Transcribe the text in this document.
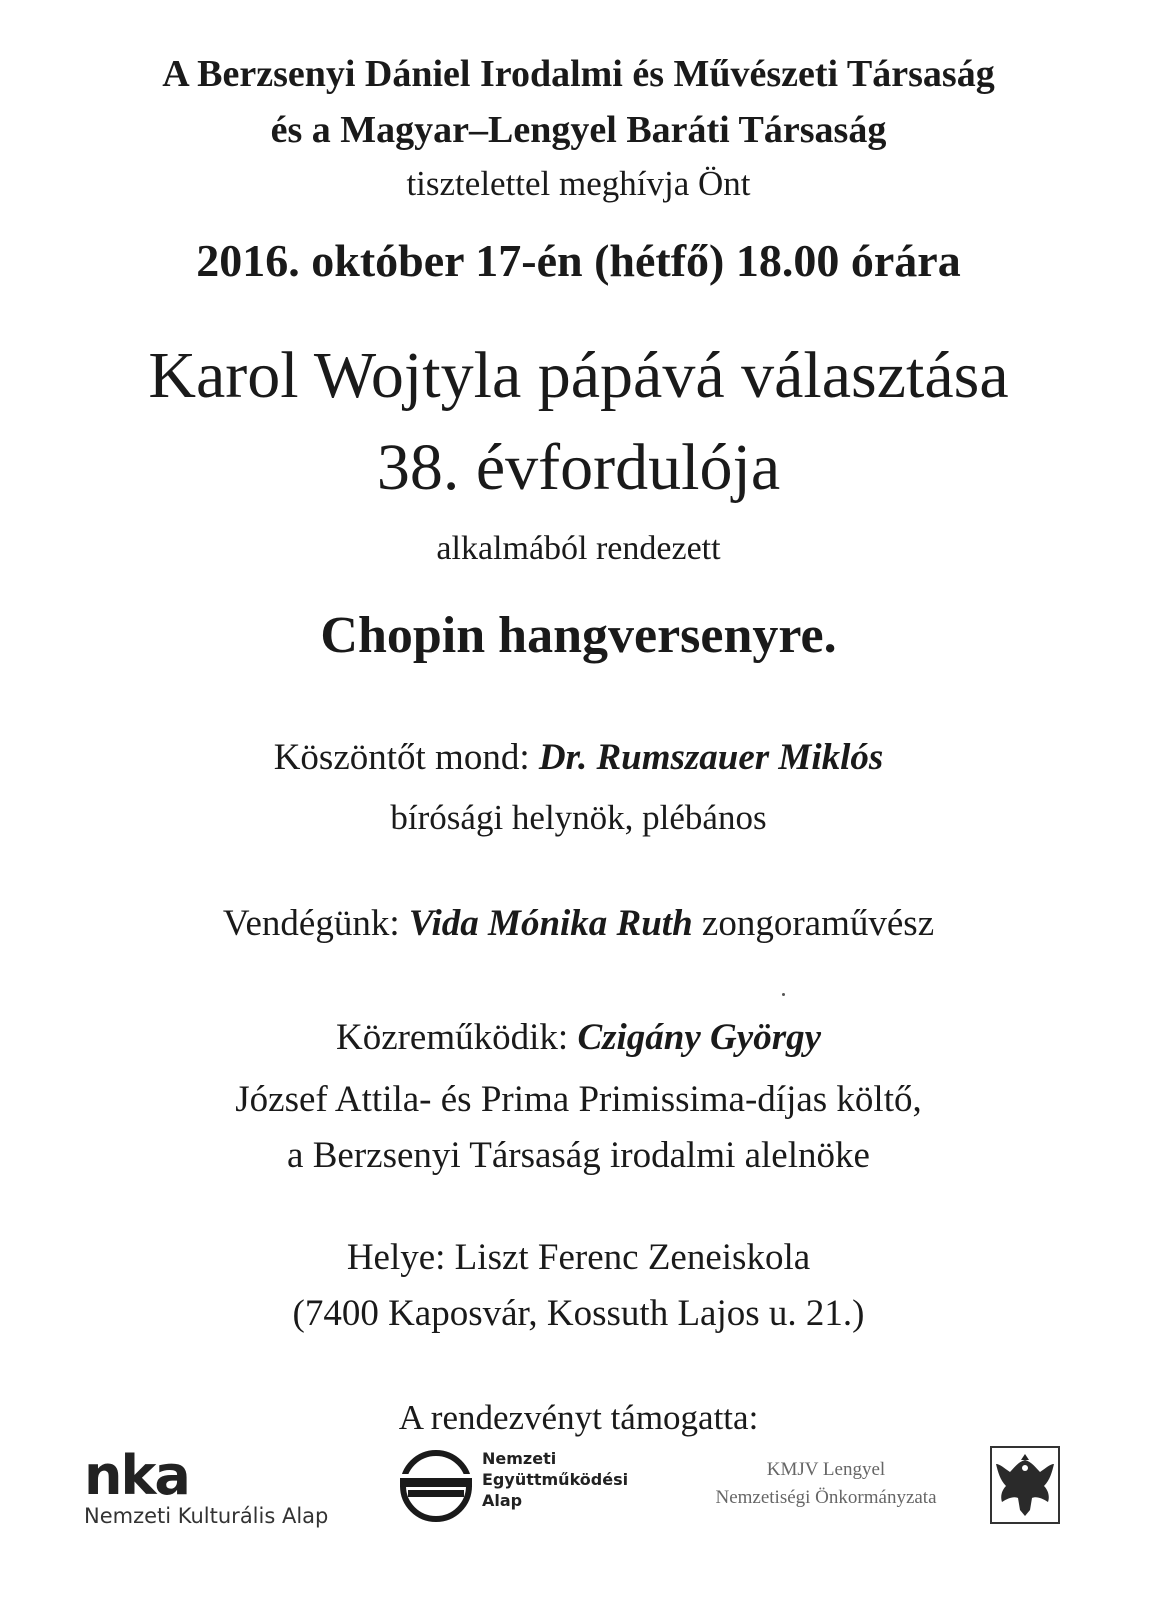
A Berzsenyi Dániel Irodalmi és Művészeti Társaság
és a Magyar–Lengyel Baráti Társaság
tisztelettel meghívja Önt
2016. október 17-én (hétfő) 18.00 órára
Karol Wojtyla pápává választása
38. évfordulója
alkalmából rendezett
Chopin hangversenyre.
Köszöntőt mond: Dr. Rumszauer Miklós
bírósági helynök, plébános
Vendégünk: Vida Mónika Ruth zongoraművész
Közreműködik: Czigány György
József Attila- és Prima Primissima-díjas költő,
a Berzsenyi Társaság irodalmi alelnöke
Helye: Liszt Ferenc Zeneiskola
(7400 Kaposvár, Kossuth Lajos u. 21.)
A rendezvényt támogatta:
nka
Nemzeti Kulturális Alap
Nemzeti
Együttműködési
Alap
KMJV Lengyel
Nemzetiségi Önkormányzata
